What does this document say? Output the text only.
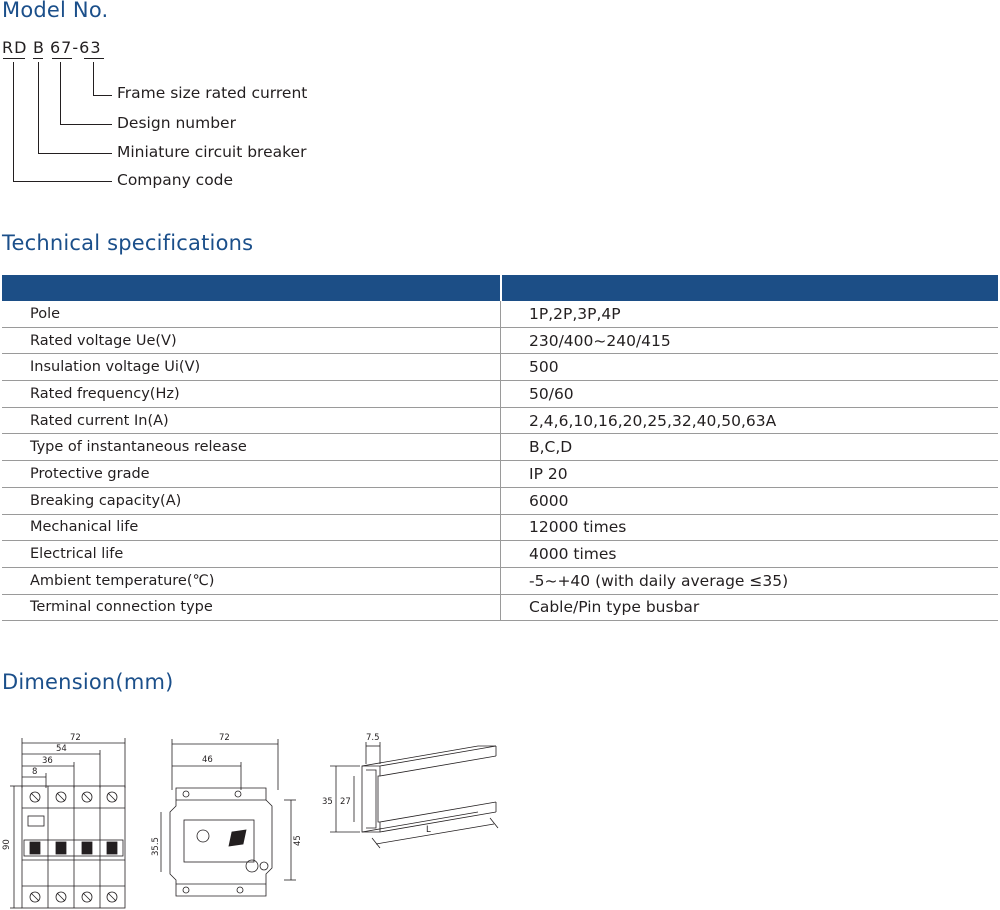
Model No.
RD B 67-63
Frame size rated current
Design number
Miniature circuit breaker
Company code
Technical specifications

Pole	1P,2P,3P,4P
Rated voltage Ue(V)	230/400~240/415
Insulation voltage Ui(V)	500
Rated frequency(Hz)	50/60
Rated current In(A)	2,4,6,10,16,20,25,32,40,50,63A
Type of instantaneous release	B,C,D
Protective grade	IP 20
Breaking capacity(A)	6000
Mechanical life	12000 times
Electrical life	4000 times
Ambient temperature(℃)	-5~+40 (with daily average ≤35)
Terminal connection type	Cable/Pin type busbar
Dimension(mm)
72
54
36
8
90
72
46
35.5	45
7.5
35 27
L
